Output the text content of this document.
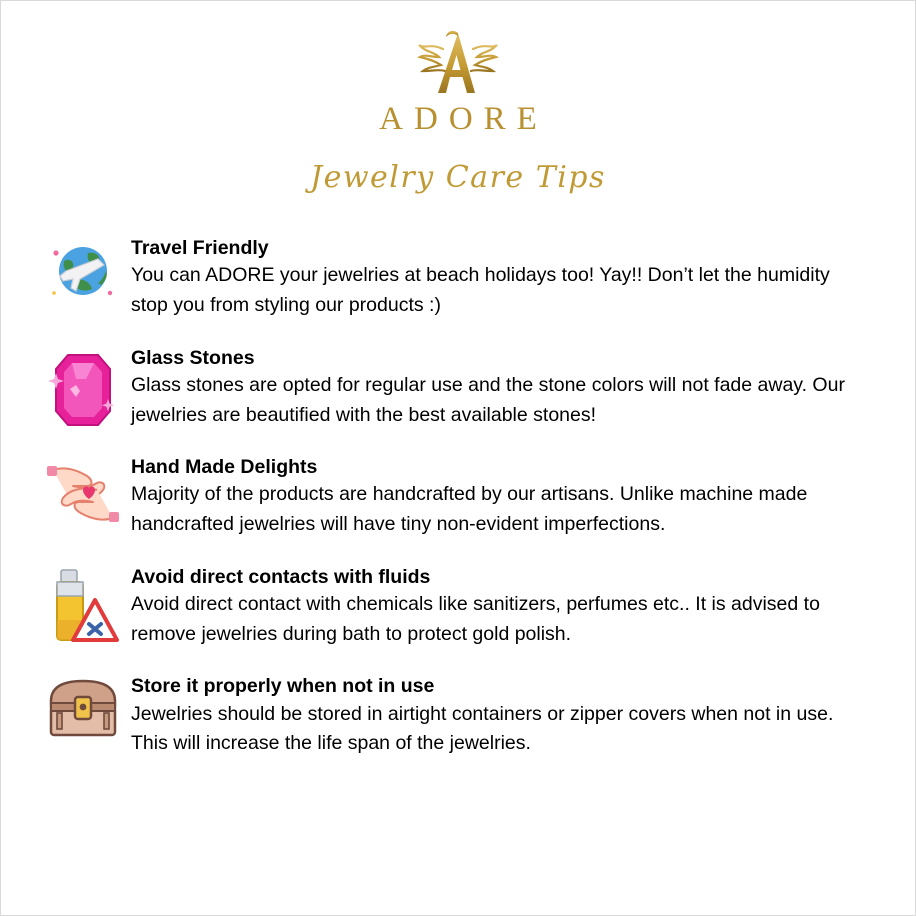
ADORE
Jewelry Care Tips
Travel Friendly
You can ADORE your jewelries at beach holidays too! Yay!! Don’t let the humidity stop you from styling our products :)
Glass Stones
Glass stones are opted for regular use and the stone colors will not fade away. Our jewelries are beautified with the best available stones!
Hand Made Delights
Majority of the products are handcrafted by our artisans. Unlike machine made handcrafted jewelries will have tiny non-evident imperfections.
Avoid direct contacts with fluids
Avoid direct contact with chemicals like sanitizers, perfumes etc.. It is advised to remove jewelries during bath to protect gold polish.
Store it properly when not in use
Jewelries should be stored in airtight containers or zipper covers when not in use. This will increase the life span of the jewelries.
